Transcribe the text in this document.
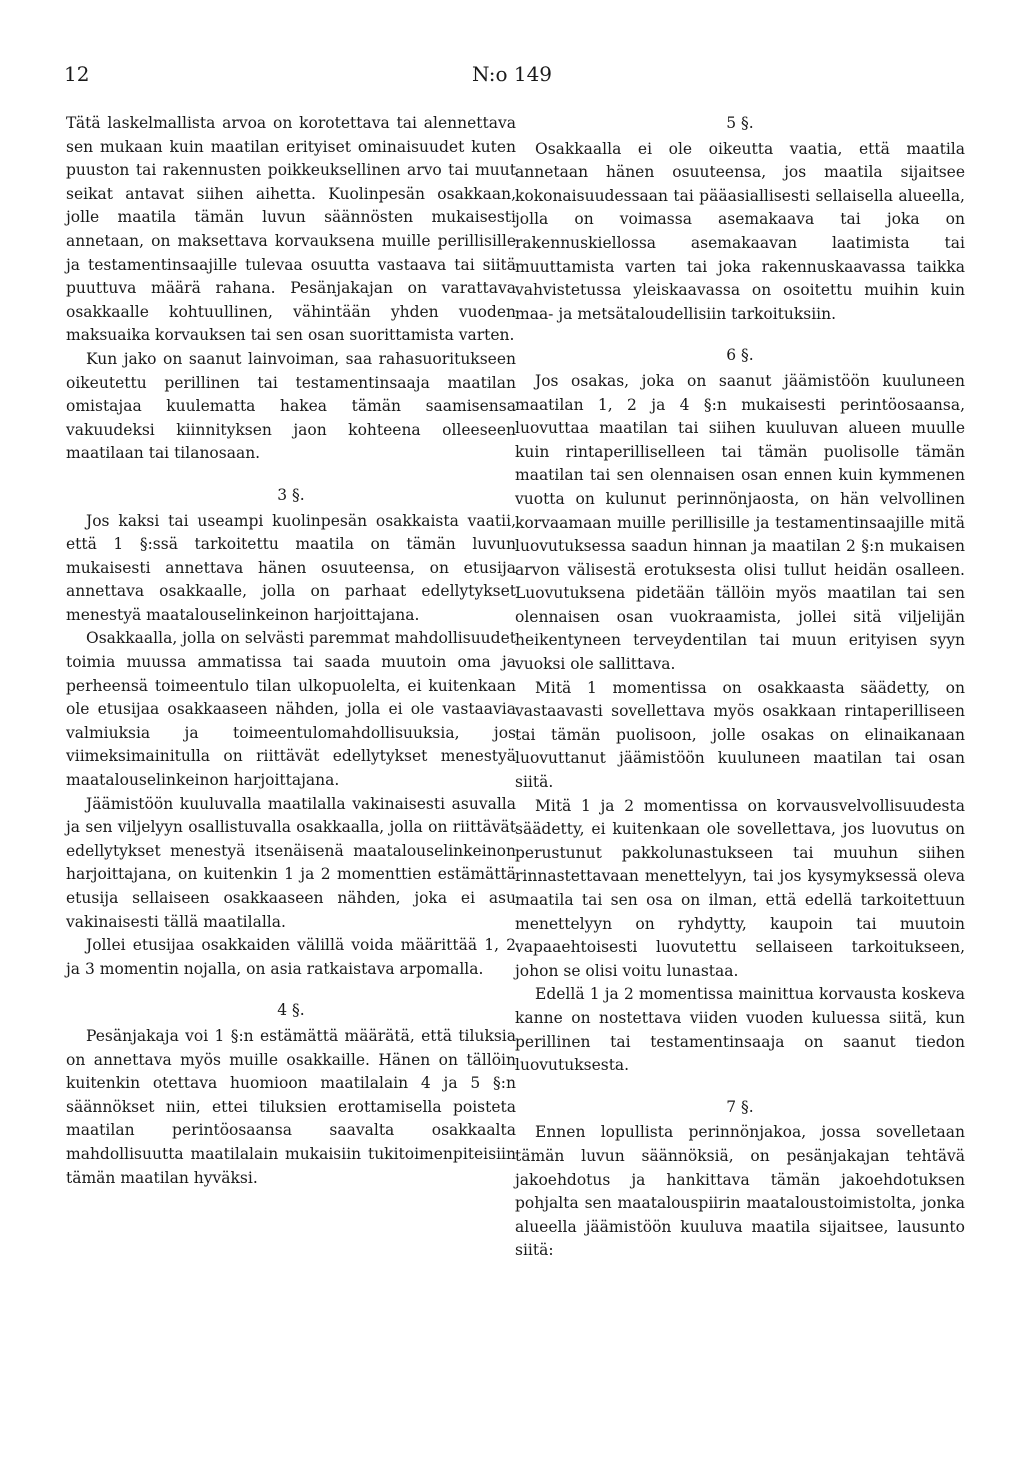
12	N:o 149

Tätä laskelmallista arvoa on korotettava tai alennettava sen mukaan kuin maatilan erityiset ominaisuudet kuten puuston tai rakennusten poikkeuksellinen arvo tai muut seikat antavat siihen aihetta. Kuolinpesän osakkaan, jolle maatila tämän luvun säännösten mukaisesti annetaan, on maksettava korvauksena muille perillisille ja testamentinsaajille tulevaa osuutta vastaava tai siitä puuttuva määrä rahana. Pesänjakajan on varattava osakkaalle kohtuullinen, vähintään yhden vuoden maksuaika korvauksen tai sen osan suorittamista varten.

Kun jako on saanut lainvoiman, saa rahasuoritukseen oikeutettu perillinen tai testamentinsaaja maatilan omistajaa kuulematta hakea tämän saamisensa vakuudeksi kiinnityksen jaon kohteena olleeseen maatilaan tai tilanosaan.

3 §.

Jos kaksi tai useampi kuolinpesän osakkaista vaatii, että 1 §:ssä tarkoitettu maatila on tämän luvun mukaisesti annettava hänen osuuteensa, on etusija annettava osakkaalle, jolla on parhaat edellytykset menestyä maatalouselinkeinon harjoittajana.

Osakkaalla, jolla on selvästi paremmat mahdollisuudet toimia muussa ammatissa tai saada muutoin oma ja perheensä toimeentulo tilan ulkopuolelta, ei kuitenkaan ole etusijaa osakkaaseen nähden, jolla ei ole vastaavia valmiuksia ja toimeentulomahdollisuuksia, jos viimeksimainitulla on riittävät edellytykset menestyä maatalouselinkeinon harjoittajana.

Jäämistöön kuuluvalla maatilalla vakinaisesti asuvalla ja sen viljelyyn osallistuvalla osakkaalla, jolla on riittävät edellytykset menestyä itsenäisenä maatalouselinkeinon harjoittajana, on kuitenkin 1 ja 2 momenttien estämättä etusija sellaiseen osakkaaseen nähden, joka ei asu vakinaisesti tällä maatilalla.

Jollei etusijaa osakkaiden välillä voida määrittää 1, 2 ja 3 momentin nojalla, on asia ratkaistava arpomalla.

4 §.

Pesänjakaja voi 1 §:n estämättä määrätä, että tiluksia on annettava myös muille osakkaille. Hänen on tällöin kuitenkin otettava huomioon maatilalain 4 ja 5 §:n säännökset niin, ettei tiluksien erottamisella poisteta maatilan perintöosaansa saavalta osakkaalta mahdollisuutta maatilalain mukaisiin tukitoimenpiteisiin tämän maatilan hyväksi.

5 §.

Osakkaalla ei ole oikeutta vaatia, että maatila annetaan hänen osuuteensa, jos maatila sijaitsee kokonaisuudessaan tai pääasiallisesti sellaisella alueella, jolla on voimassa asemakaava tai joka on rakennuskiellossa asemakaavan laatimista tai muuttamista varten tai joka rakennuskaavassa taikka vahvistetussa yleiskaavassa on osoitettu muihin kuin maa- ja metsätaloudellisiin tarkoituksiin.

6 §.

Jos osakas, joka on saanut jäämistöön kuuluneen maatilan 1, 2 ja 4 §:n mukaisesti perintöosaansa, luovuttaa maatilan tai siihen kuuluvan alueen muulle kuin rintaperilliselleen tai tämän puolisolle tämän maatilan tai sen olennaisen osan ennen kuin kymmenen vuotta on kulunut perinnönjaosta, on hän velvollinen korvaamaan muille perillisille ja testamentinsaajille mitä luovutuksessa saadun hinnan ja maatilan 2 §:n mukaisen arvon välisestä erotuksesta olisi tullut heidän osalleen. Luovutuksena pidetään tällöin myös maatilan tai sen olennaisen osan vuokraamista, jollei sitä viljelijän heikentyneen terveydentilan tai muun erityisen syyn vuoksi ole sallittava.

Mitä 1 momentissa on osakkaasta säädetty, on vastaavasti sovellettava myös osakkaan rintaperilliseen tai tämän puolisoon, jolle osakas on elinaikanaan luovuttanut jäämistöön kuuluneen maatilan tai osan siitä.

Mitä 1 ja 2 momentissa on korvausvelvollisuudesta säädetty, ei kuitenkaan ole sovellettava, jos luovutus on perustunut pakkolunastukseen tai muuhun siihen rinnastettavaan menettelyyn, tai jos kysymyksessä oleva maatila tai sen osa on ilman, että edellä tarkoitettuun menettelyyn on ryhdytty, kaupoin tai muutoin vapaaehtoisesti luovutettu sellaiseen tarkoitukseen, johon se olisi voitu lunastaa.

Edellä 1 ja 2 momentissa mainittua korvausta koskeva kanne on nostettava viiden vuoden kuluessa siitä, kun perillinen tai testamentinsaaja on saanut tiedon luovutuksesta.

7 §.

Ennen lopullista perinnönjakoa, jossa sovelletaan tämän luvun säännöksiä, on pesänjakajan tehtävä jakoehdotus ja hankittava tämän jakoehdotuksen pohjalta sen maatalouspiirin maataloustoimistolta, jonka alueella jäämistöön kuuluva maatila sijaitsee, lausunto siitä:
